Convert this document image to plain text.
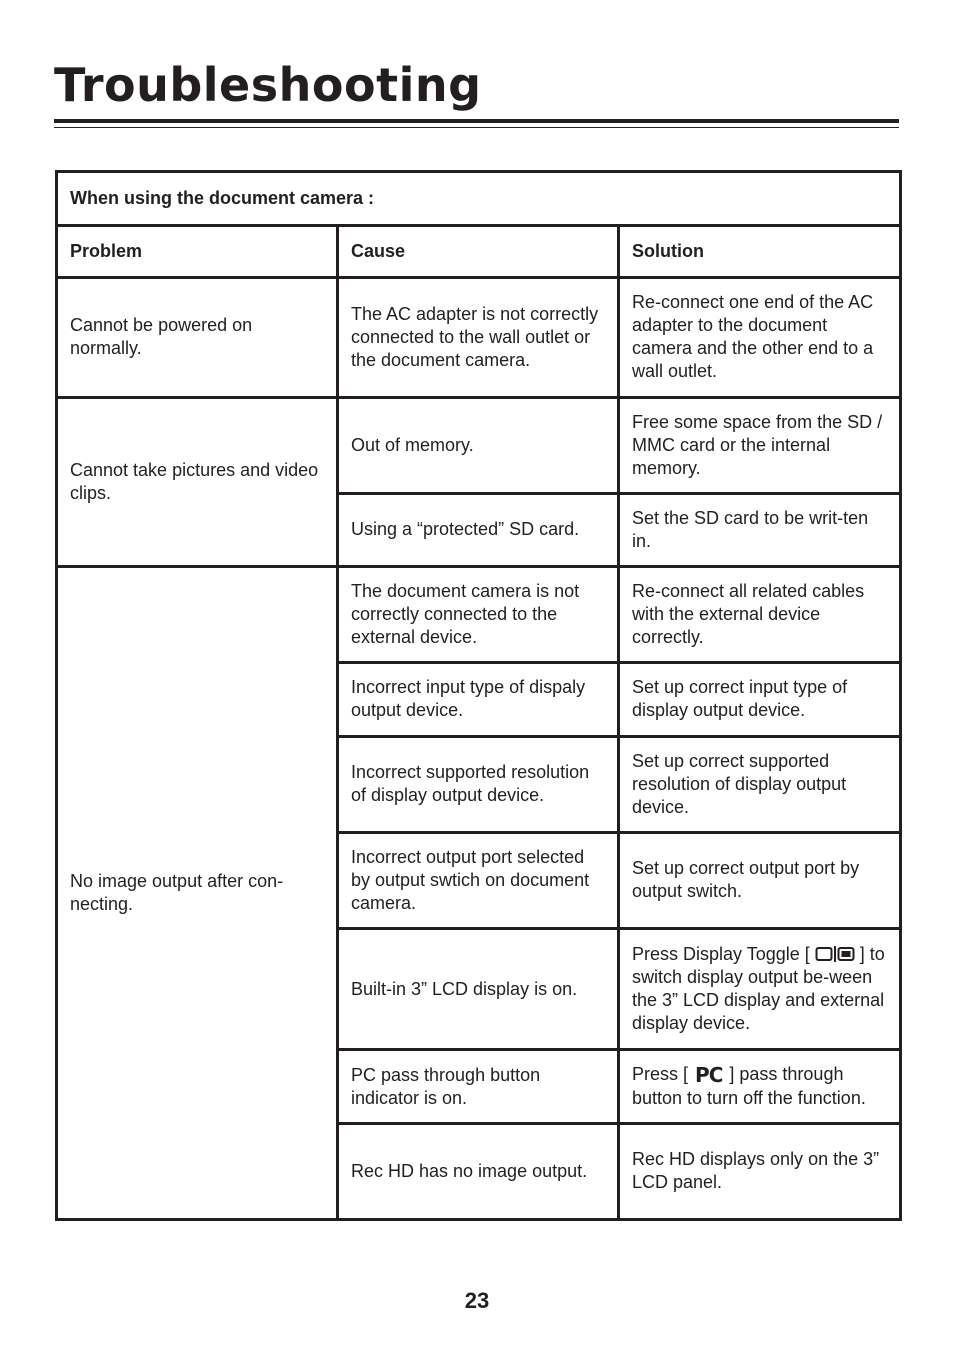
Troubleshooting
When using the document camera :		
Problem	Cause	Solution
Cannot be powered on normally.	The AC adapter is not correctly connected to the wall outlet or the document camera.	Re-connect one end of the AC adapter to the document camera and the other end to a wall outlet.
Cannot take pictures and video clips.	Out of memory.	Free some space from the SD / MMC card or the internal memory.
	Using a “protected” SD card.	Set the SD card to be writ-ten in.
No image output after con-necting.	The document camera is not correctly connected to the external device.	Re-connect all related cables with the external device correctly.
	Incorrect input type of dispaly output device.	Set up correct input type of display output device.
	Incorrect supported resolution of display output device.	Set up correct supported resolution of display output device.
	Incorrect output port selected by output swtich on document camera.	Set up correct output port by output switch.
	Built-in 3” LCD display is on.	Press Display Toggle [ ] to switch display output be-ween the 3” LCD display and external display device.
	PC pass through button indicator is on.	Press [ PC ] pass through button to turn off the function.
	Rec HD has no image output.	Rec HD displays only on the 3” LCD panel.
23
